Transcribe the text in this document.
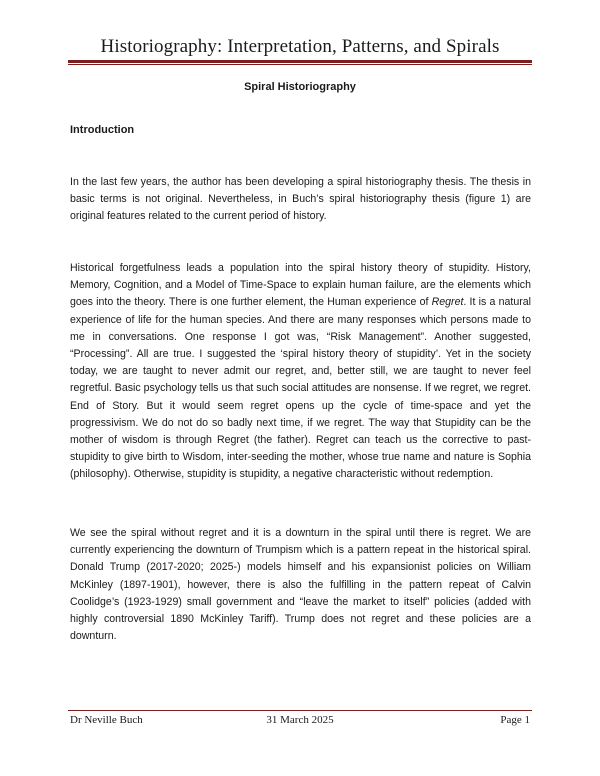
Historiography: Interpretation, Patterns, and Spirals
Spiral Historiography
Introduction

In the last few years, the author has been developing a spiral historiography thesis. The thesis in basic terms is not original. Nevertheless, in Buch’s spiral historiography thesis (figure 1) are original features related to the current period of history.

Historical forgetfulness leads a population into the spiral history theory of stupidity. History, Memory, Cognition, and a Model of Time-Space to explain human failure, are the elements which goes into the theory. There is one further element, the Human experience of Regret. It is a natural experience of life for the human species. And there are many responses which persons made to me in conversations. One response I got was, “Risk Management”. Another suggested, “Processing”. All are true. I suggested the ‘spiral history theory of stupidity’. Yet in the society today, we are taught to never admit our regret, and, better still, we are taught to never feel regretful. Basic psychology tells us that such social attitudes are nonsense. If we regret, we regret. End of Story. But it would seem regret opens up the cycle of time-space and yet the progressivism. We do not do so badly next time, if we regret. The way that Stupidity can be the mother of wisdom is through Regret (the father). Regret can teach us the corrective to past-stupidity to give birth to Wisdom, inter-seeding the mother, whose true name and nature is Sophia (philosophy). Otherwise, stupidity is stupidity, a negative characteristic without redemption.

We see the spiral without regret and it is a downturn in the spiral until there is regret. We are currently experiencing the downturn of Trumpism which is a pattern repeat in the historical spiral. Donald Trump (2017-2020; 2025-) models himself and his expansionist policies on William McKinley (1897-1901), however, there is also the fulfilling in the pattern repeat of Calvin Coolidge’s (1923-1929) small government and “leave the market to itself” policies (added with highly controversial 1890 McKinley Tariff). Trump does not regret and these policies are a downturn.

Dr Neville Buch	31 March 2025	Page 1
